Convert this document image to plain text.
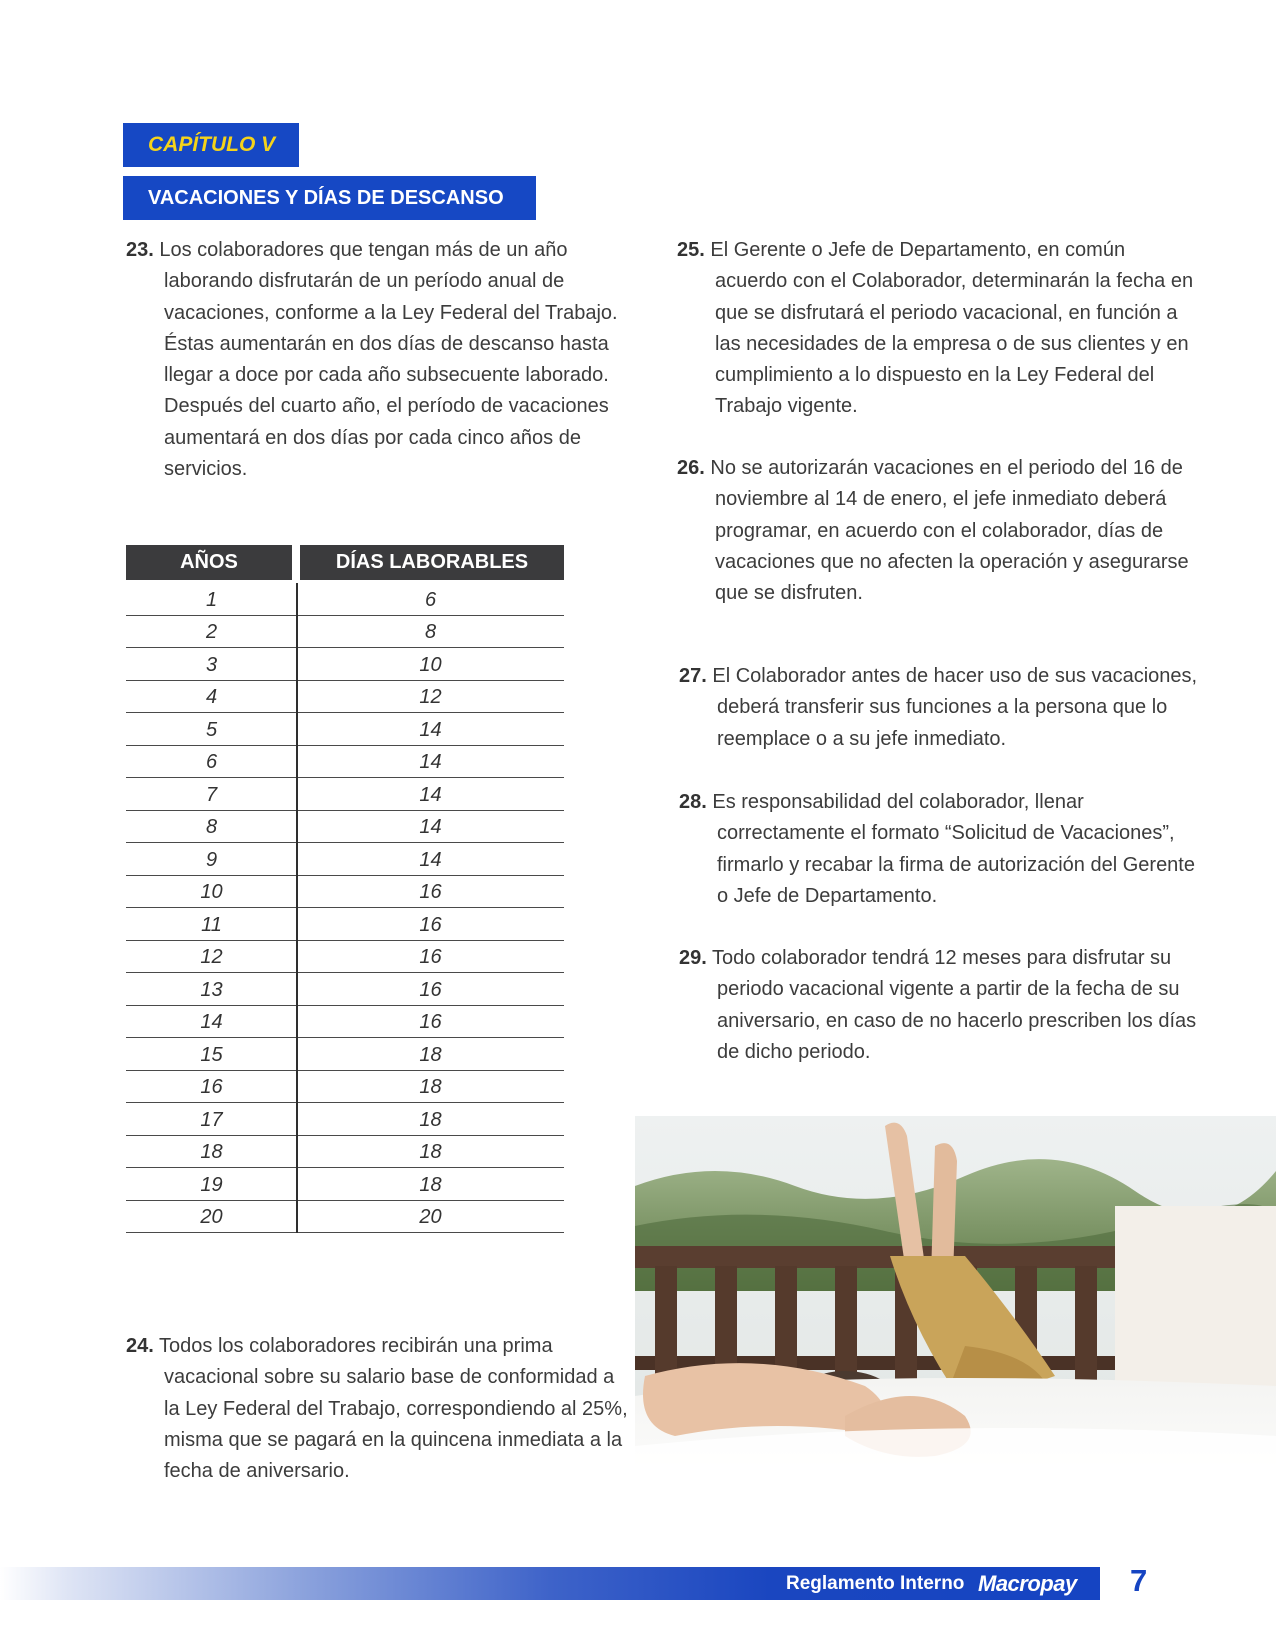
CAPÍTULO V
VACACIONES Y DÍAS DE DESCANSO
23. Los colaboradores que tengan más de un año laborando disfrutarán de un período anual de vacaciones, conforme a la Ley Federal del Trabajo. Éstas aumentarán en dos días de descanso hasta llegar a doce por cada año subsecuente laborado. Después del cuarto año, el período de vacaciones aumentará en dos días por cada cinco años de servicios.
AÑOS	DÍAS LABORABLES
1	6
2	8
3	10
4	12
5	14
6	14
7	14
8	14
9	14
10	16
11	16
12	16
13	16
14	16
15	18
16	18
17	18
18	18
19	18
20	20
24. Todos los colaboradores recibirán una prima vacacional sobre su salario base de conformidad a la Ley Federal del Trabajo, correspondiendo al 25%, misma que se pagará en la quincena inmediata a la fecha de aniversario.
25. El Gerente o Jefe de Departamento, en común acuerdo con el Colaborador, determinarán la fecha en que se disfrutará el periodo vacacional, en función a las necesidades de la empresa o de sus clientes y en cumplimiento a lo dispuesto en la Ley Federal del Trabajo vigente.
26. No se autorizarán vacaciones en el periodo del 16 de noviembre al 14 de enero, el jefe inmediato deberá programar, en acuerdo con el colaborador, días de vacaciones que no afecten la operación y asegurarse que se disfruten.
27. El Colaborador antes de hacer uso de sus vacaciones, deberá transferir sus funciones a la persona que lo reemplace o a su jefe inmediato.
28. Es responsabilidad del colaborador, llenar correctamente el formato “Solicitud de Vacaciones”, firmarlo y recabar la firma de autorización del Gerente o Jefe de Departamento.
29. Todo colaborador tendrá 12 meses para disfrutar su periodo vacacional vigente a partir de la fecha de su aniversario, en caso de no hacerlo prescriben los días de dicho periodo.
Reglamento Interno Macropay 7
